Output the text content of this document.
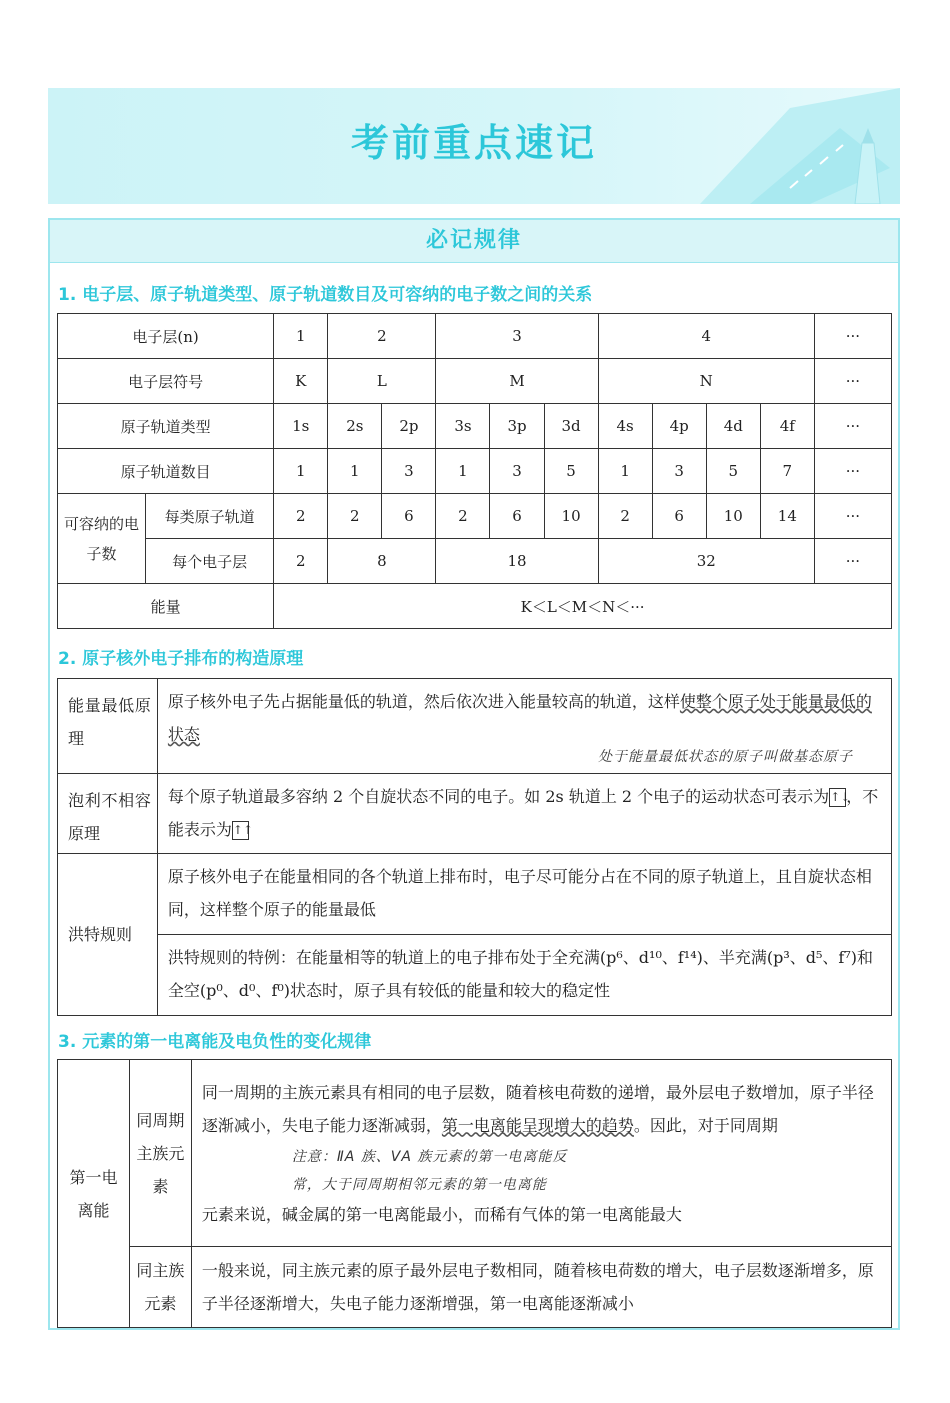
考前重点速记
必记规律
1. 电子层、原子轨道类型、原子轨道数目及可容纳的电子数之间的关系
电子层(n)		1	2		3			4				···
电子层符号		K	L		M			N				···
原子轨道类型		1s	2s	2p	3s	3p	3d	4s	4p	4d	4f	···
原子轨道数目		1	1	3	1	3	5	1	3	5	7	···
可容纳的电子数	每类原子轨道	2	2	6	2	6	10	2	6	10	14	···
	每个电子层	2	8		18			32				···
能量		K＜L＜M＜N＜···										
2. 原子核外电子排布的构造原理
能量最低原理	原子核外电子先占据能量低的轨道，然后依次进入能量较高的轨道，这样使整个原子处于能量最低的状态
处于能量最低状态的原子叫做基态原子

泡利不相容原理	每个原子轨道最多容纳 2 个自旋状态不同的电子。如 2s 轨道上 2 个电子的运动状态可表示为↑↓，不能表示为↑↑
洪特规则	原子核外电子在能量相同的各个轨道上排布时，电子尽可能分占在不同的原子轨道上，且自旋状态相同，这样整个原子的能量最低
	洪特规则的特例：在能量相等的轨道上的电子排布处于全充满(p⁶、d¹⁰、f¹⁴)、半充满(p³、d⁵、f⁷)和全空(p⁰、d⁰、f⁰)状态时，原子具有较低的能量和较大的稳定性
3. 元素的第一电离能及电负性的变化规律
第一电离能	同周期主族元素	同一周期的主族元素具有相同的电子层数，随着核电荷数的递增，最外层电子数增加，原子半径逐渐减小，失电子能力逐渐减弱，第一电离能呈现增大的趋势。因此，对于同周期
注意：ⅡA 族、ⅤA 族元素的第一电离能反
常，大于同周期相邻元素的第一电离能
元素来说，碱金属的第一电离能最小，而稀有气体的第一电离能最大

	同主族元素	一般来说，同主族元素的原子最外层电子数相同，随着核电荷数的增大，电子层数逐渐增多，原子半径逐渐增大，失电子能力逐渐增强，第一电离能逐渐减小
